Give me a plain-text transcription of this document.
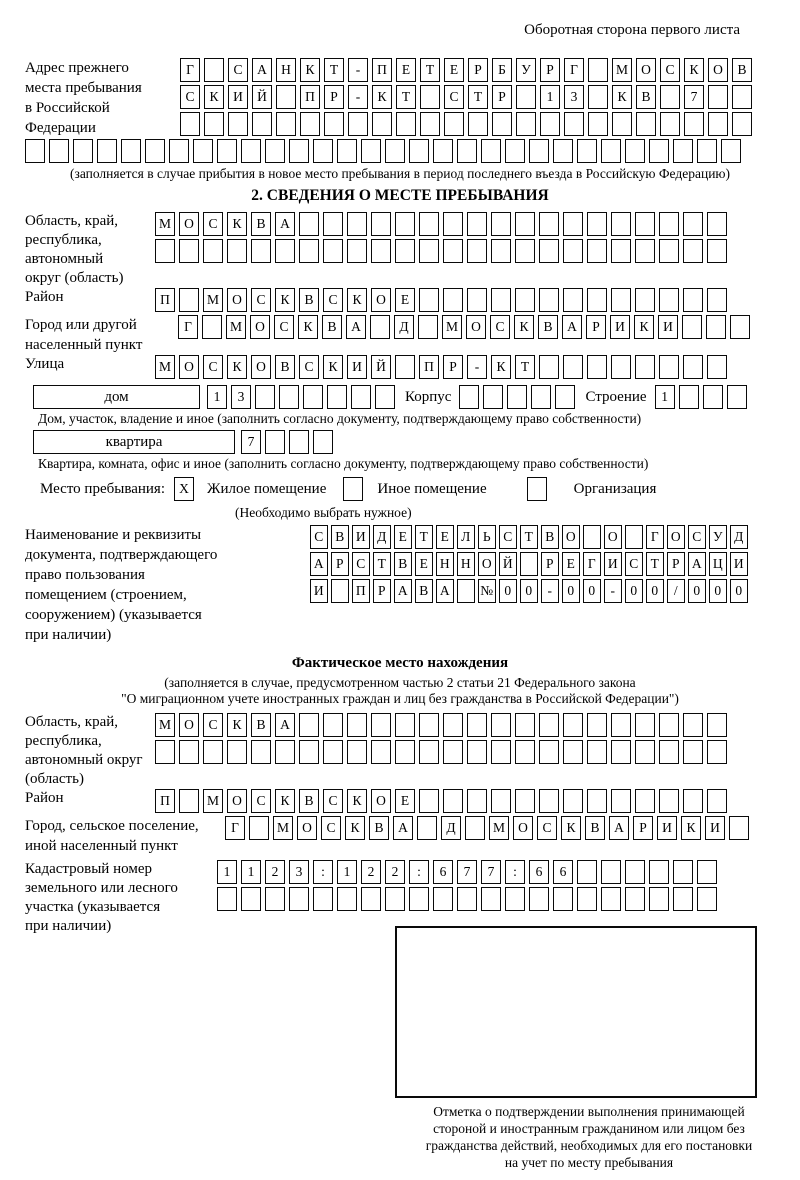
Оборотная сторона первого листа
Адрес прежнего
места пребывания
в Российской
Федерации
Г	С	А	Н	К	Т	-	П	Е	Т	Е	Р	Б	У	Р	Г	М О	С	К	О	В
С	К	И	Й	П	Р	-	К	Т	С	Т	Р	1	3	К	В	7
(заполняется в случае прибытия в новое место пребывания в период последнего въезда в Российскую Федерацию)
2. СВЕДЕНИЯ О МЕСТЕ ПРЕБЫВАНИЯ
Область, край,
республика,
автономный
округ (область)
М О	С	К	В	А
Район	П	М О	С	К	В	С	К	О	Е
Город или другой
населенный пункт
Г	М О	С	К	В	А	Д	М О	С	К	В	А	Р	И	К	И
Улица	М О	С	К	О	В	С	К	И	Й	П	Р	-	К	Т
дом	1	3	Корпус	Строение	1
Дом, участок, владение и иное (заполнить согласно документу, подтверждающему право собственности)
квартира	7
Квартира, комната, офис и иное (заполнить согласно документу, подтверждающему право собственности)
Место пребывания:	X	Жилое помещение	Иное помещение	Организация
(Необходимо выбрать нужное)
Наименование и реквизиты
документа, подтверждающего
право пользования
помещением (строением,
сооружением) (указывается
при наличии)
С В И Д Е Т Е Л Ь С Т В О О	Г О С У Д
А Р С Т В Е Н Н О Й	Р Е Г И С Т Р А Ц И
И П Р А В А № 0	0	-	0	0	-	0	0	/	0	0	0
Фактическое место нахождения
(заполняется в случае, предусмотренном частью 2 статьи 21 Федерального закона
"О миграционном учете иностранных граждан и лиц без гражданства в Российской Федерации")
Область, край,
республика,
автономный округ
(область)
М О	С	К	В	А
Район	П	М О	С	К	В	С	К	О	Е
Город, сельское поселение,
иной населенный пункт
Г	М О	С	К	В	А	Д	М О	С	К	В	А	Р	И	К	И
Кадастровый номер
земельного или лесного
участка (указывается
при наличии)
1	1	2	3	:	1	2	2	:	6	7	7	:	6	6
Отметка о подтверждении выполнения принимающей
стороной и иностранным гражданином или лицом без
гражданства действий, необходимых для его постановки
на учет по месту пребывания
